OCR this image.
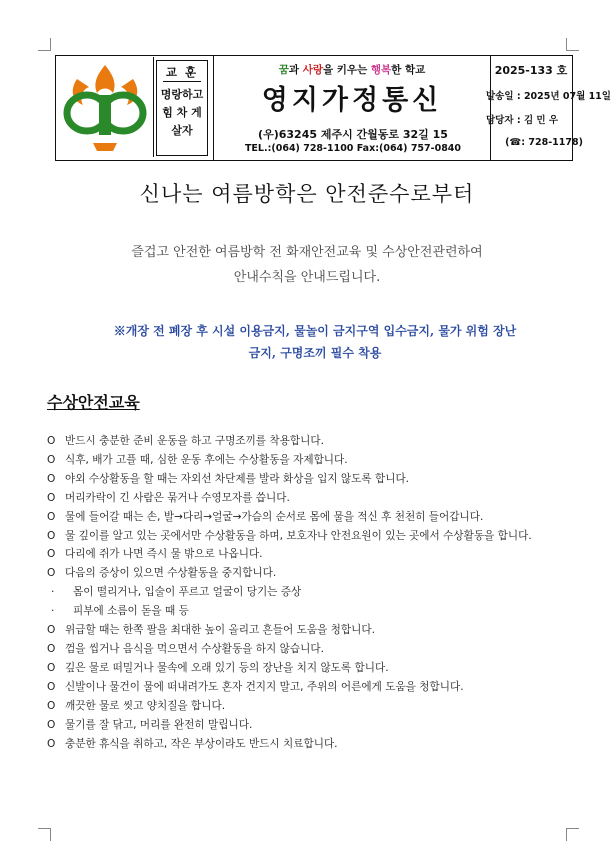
교 훈
명랑하고
힘 차 게
살자
꿈과 사랑을 키우는 행복한 학교
영지가정통신
(우)63245 제주시 간월동로 32길 15
TEL.:(064) 728-1100 Fax:(064) 757-0840
2025-133 호
발송일 : 2025년 07월 11일
담당자 : 김 민 우
(☎: 728-1178)
신나는 여름방학은 안전준수로부터
즐겁고 안전한 여름방학 전 화재안전교육 및 수상안전관련하여
안내수칙을 안내드립니다.
※개장 전 폐장 후 시설 이용금지, 물놀이 금지구역 입수금지, 물가 위험 장난
금지, 구명조끼 필수 착용
수상안전교육
O 반드시 충분한 준비 운동을 하고 구명조끼를 착용합니다.
O 식후, 배가 고플 때, 심한 운동 후에는 수상활동을 자제합니다.
O 야외 수상활동을 할 때는 자외선 차단제를 발라 화상을 입지 않도록 합니다.
O 머리카락이 긴 사람은 묶거나 수영모자를 씁니다.
O 물에 들어갈 때는 손, 발→다리→얼굴→가슴의 순서로 몸에 물을 적신 후 천천히 들어갑니다.
O 물 깊이를 알고 있는 곳에서만 수상활동을 하며, 보호자나 안전요원이 있는 곳에서 수상활동을 합니다.
O 다리에 쥐가 나면 즉시 물 밖으로 나옵니다.
O 다음의 증상이 있으면 수상활동을 중지합니다.
· 몸이 떨리거나, 입술이 푸르고 얼굴이 당기는 증상
· 피부에 소름이 돋을 때 등
O 위급할 때는 한쪽 팔을 최대한 높이 올리고 흔들어 도움을 청합니다.
O 껌을 씹거나 음식을 먹으면서 수상활동을 하지 않습니다.
O 깊은 물로 떠밀거나 물속에 오래 있기 등의 장난을 치지 않도록 합니다.
O 신발이나 물건이 물에 떠내려가도 혼자 건지지 말고, 주위의 어른에게 도움을 청합니다.
O 깨끗한 물로 씻고 양치질을 합니다.
O 물기를 잘 닦고, 머리를 완전히 말립니다.
O 충분한 휴식을 취하고, 작은 부상이라도 반드시 치료합니다.
